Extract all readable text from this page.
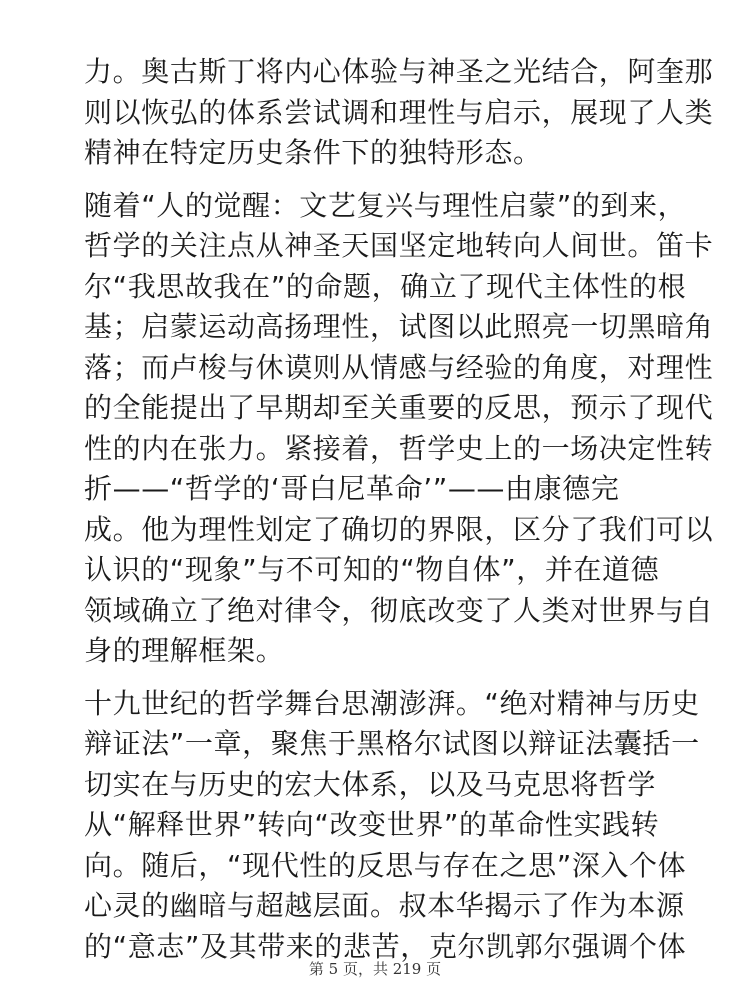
力。奥古斯丁将内心体验与神圣之光结合，阿奎那
则以恢弘的体系尝试调和理性与启示，展现了人类
精神在特定历史条件下的独特形态。

随着“人的觉醒：文艺复兴与理性启蒙”的到来，
哲学的关注点从神圣天国坚定地转向人间世。笛卡
尔“我思故我在”的命题，确立了现代主体性的根
基；启蒙运动高扬理性，试图以此照亮一切黑暗角
落；而卢梭与休谟则从情感与经验的角度，对理性
的全能提出了早期却至关重要的反思，预示了现代
性的内在张力。紧接着，哲学史上的一场决定性转
折——“哲学的‘哥白尼革命’”——由康德完
成。他为理性划定了确切的界限，区分了我们可以
认识的“现象”与不可知的“物自体”，并在道德
领域确立了绝对律令，彻底改变了人类对世界与自
身的理解框架。

十九世纪的哲学舞台思潮澎湃。“绝对精神与历史
辩证法”一章，聚焦于黑格尔试图以辩证法囊括一
切实在与历史的宏大体系，以及马克思将哲学
从“解释世界”转向“改变世界”的革命性实践转
向。随后，“现代性的反思与存在之思”深入个体
心灵的幽暗与超越层面。叔本华揭示了作为本源
的“意志”及其带来的悲苦，克尔凯郭尔强调个体

第 5 页，共 219 页
